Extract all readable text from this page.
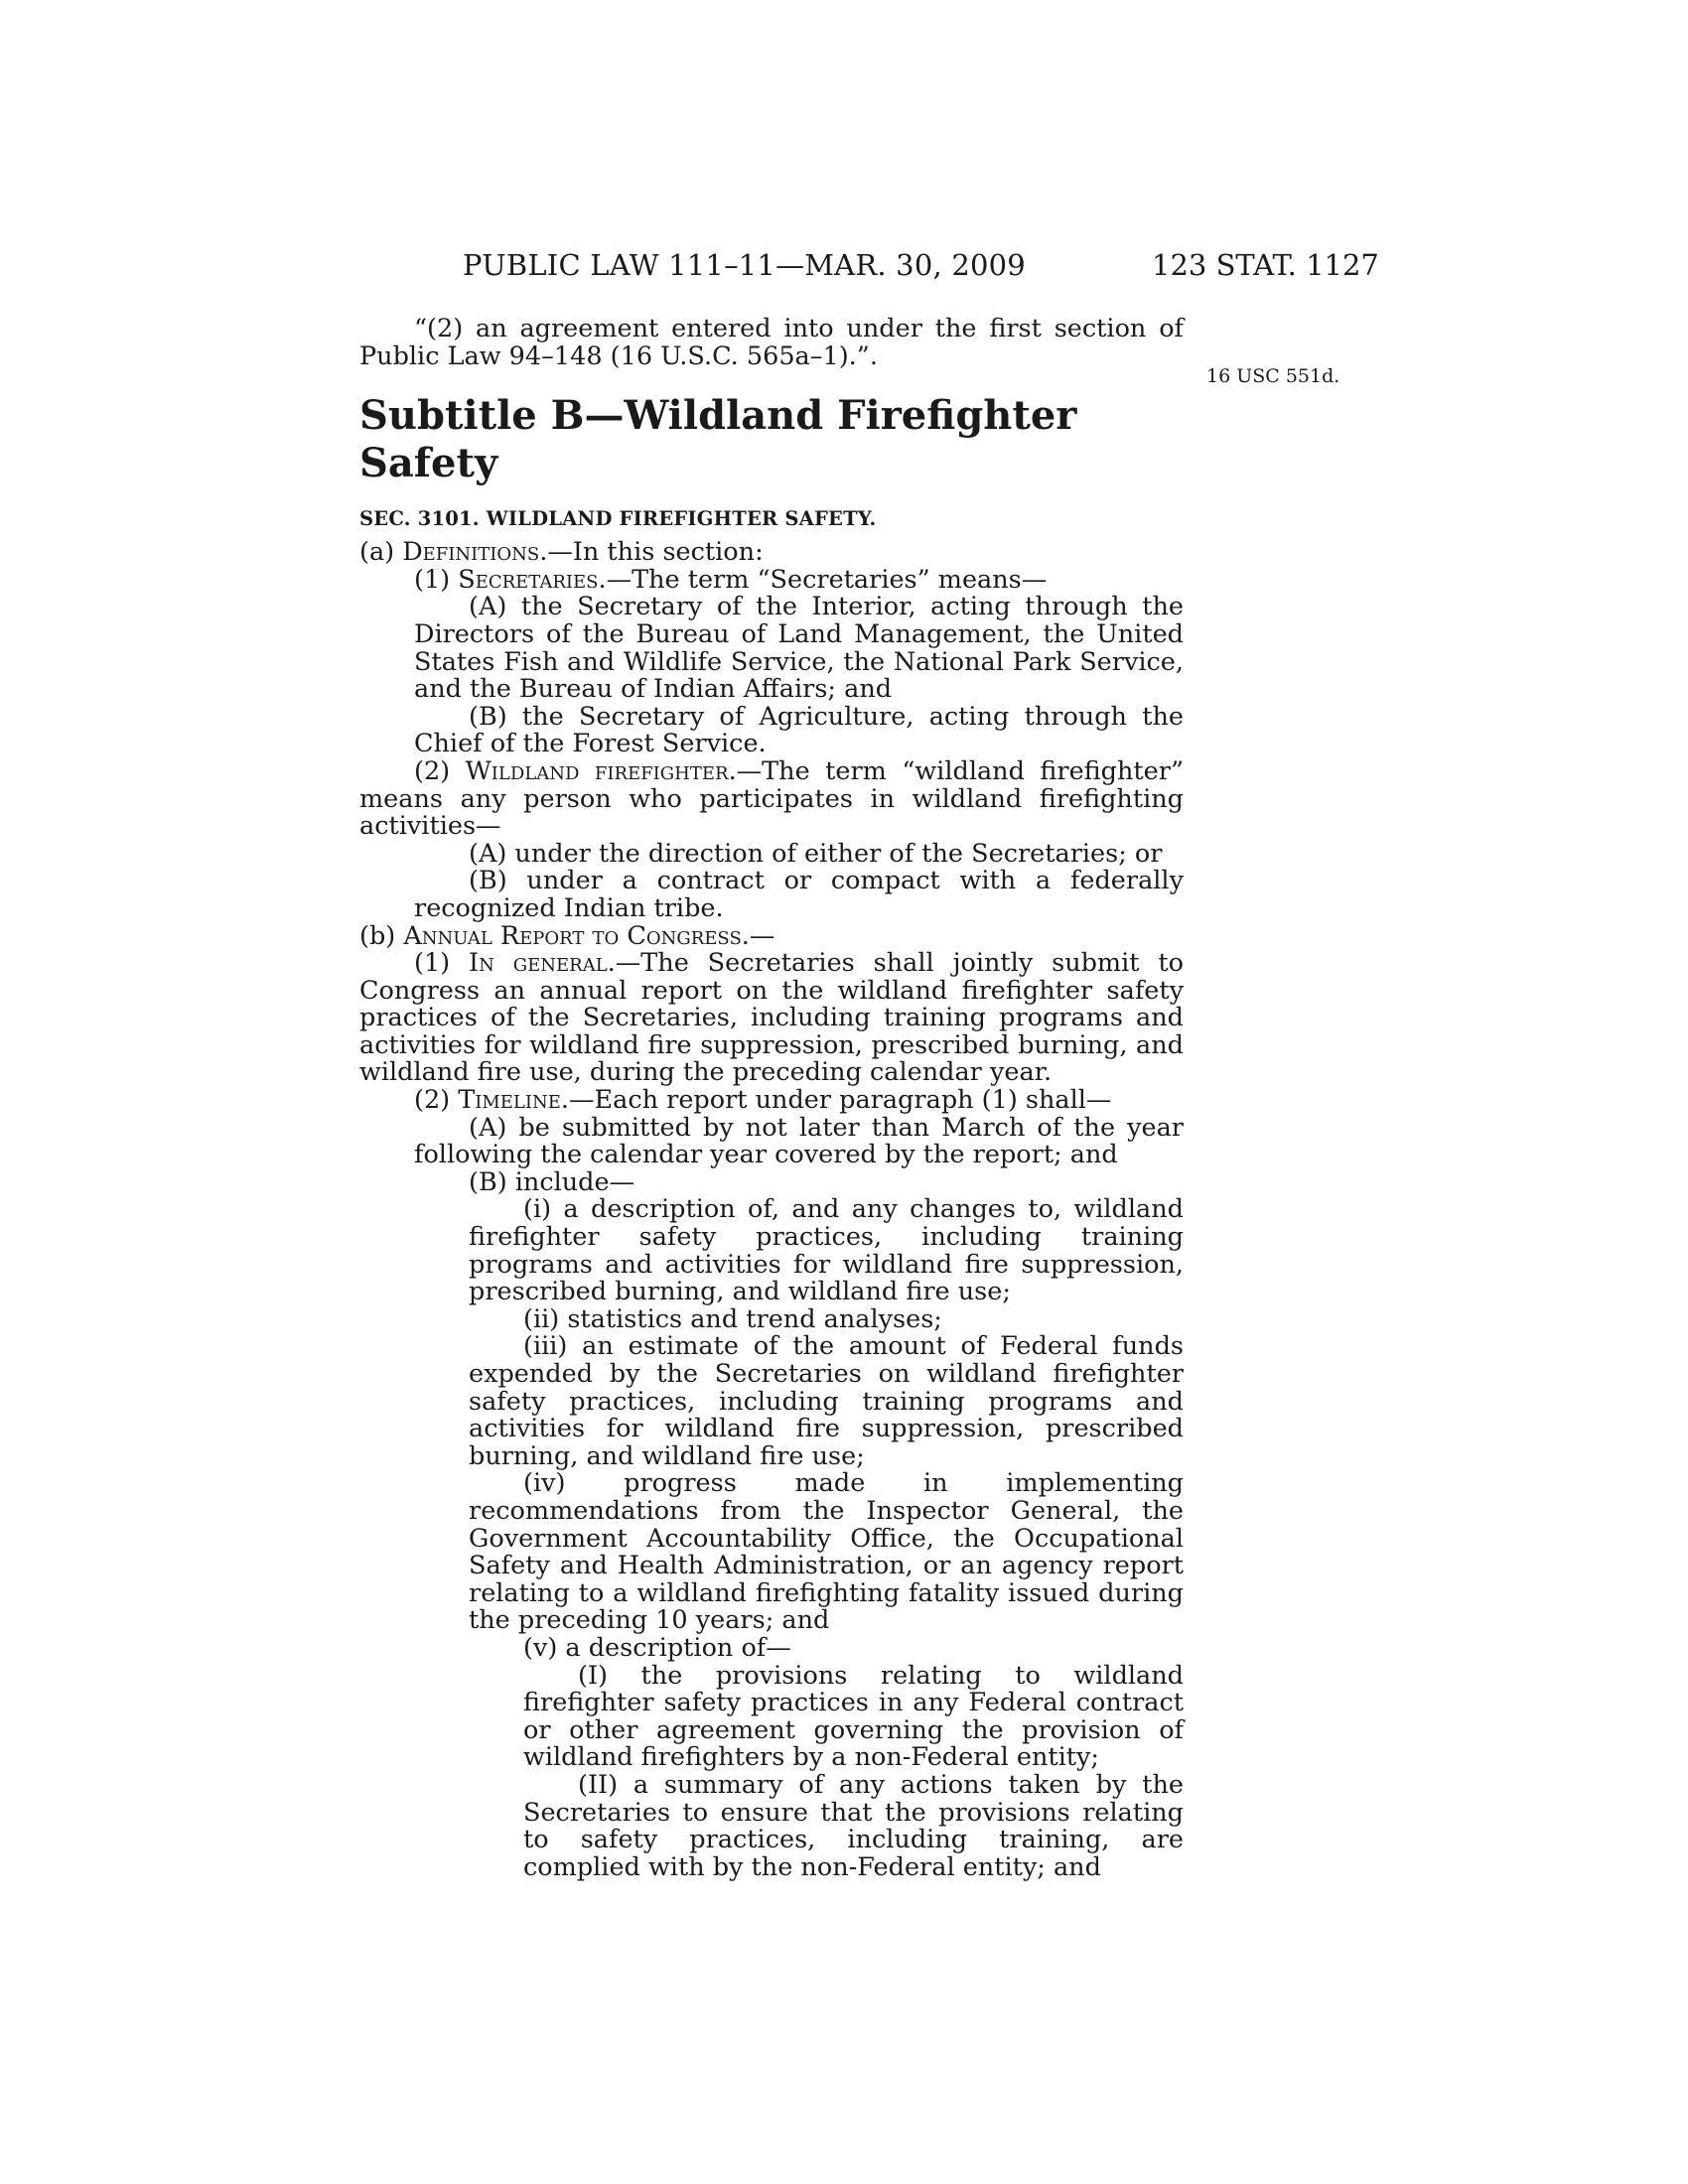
PUBLIC LAW 111–11—MAR. 30, 2009	123 STAT. 1127
16 USC 551d.

“(2) an agreement entered into under the first section of Public Law 94–148 (16 U.S.C. 565a–1).”.

Subtitle B—Wildland Firefighter Safety
SEC. 3101. WILDLAND FIREFIGHTER SAFETY.

(a) Definitions.—In this section:

(1) Secretaries.—The term “Secretaries” means—

(A) the Secretary of the Interior, acting through the Directors of the Bureau of Land Management, the United States Fish and Wildlife Service, the National Park Service, and the Bureau of Indian Affairs; and

(B) the Secretary of Agriculture, acting through the Chief of the Forest Service.

(2) Wildland firefighter.—The term “wildland firefighter” means any person who participates in wildland firefighting activities—

(A) under the direction of either of the Secretaries; or

(B) under a contract or compact with a federally recognized Indian tribe.

(b) Annual Report to Congress.—

(1) In general.—The Secretaries shall jointly submit to Congress an annual report on the wildland firefighter safety practices of the Secretaries, including training programs and activities for wildland fire suppression, prescribed burning, and wildland fire use, during the preceding calendar year.

(2) Timeline.—Each report under paragraph (1) shall—

(A) be submitted by not later than March of the year following the calendar year covered by the report; and

(B) include—

(i) a description of, and any changes to, wildland firefighter safety practices, including training programs and activities for wildland fire suppression, prescribed burning, and wildland fire use;

(ii) statistics and trend analyses;

(iii) an estimate of the amount of Federal funds expended by the Secretaries on wildland firefighter safety practices, including training programs and activities for wildland fire suppression, prescribed burning, and wildland fire use;

(iv) progress made in implementing recommendations from the Inspector General, the Government Accountability Office, the Occupational Safety and Health Administration, or an agency report relating to a wildland firefighting fatality issued during the preceding 10 years; and

(v) a description of—

(I) the provisions relating to wildland firefighter safety practices in any Federal contract or other agreement governing the provision of wildland firefighters by a non-Federal entity;

(II) a summary of any actions taken by the Secretaries to ensure that the provisions relating to safety practices, including training, are complied with by the non-Federal entity; and
